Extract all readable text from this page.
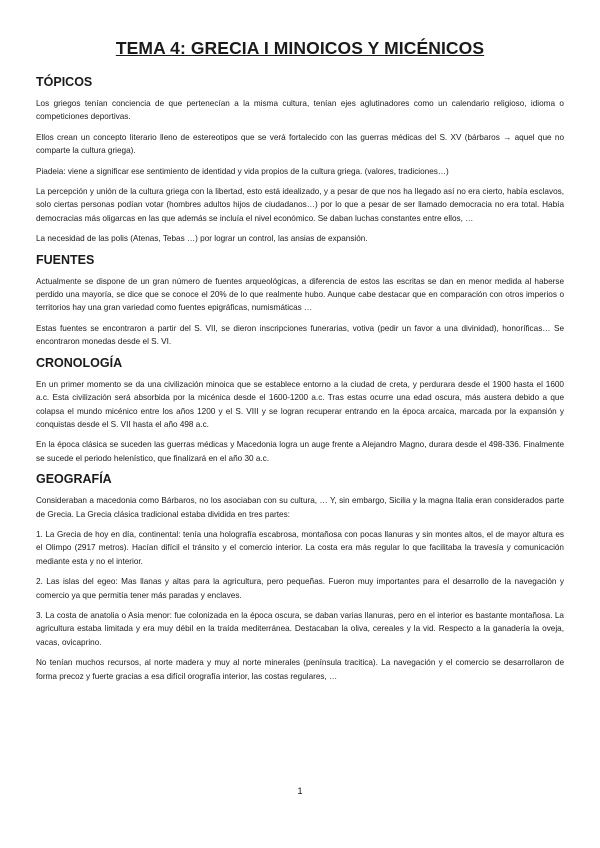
TEMA 4: GRECIA I MINOICOS Y MICÉNICOS
TÓPICOS

Los griegos tenían conciencia de que pertenecían a la misma cultura, tenían ejes aglutinadores como un calendario religioso, idioma o competiciones deportivas.

Ellos crean un concepto literario lleno de estereotipos que se verá fortalecido con las guerras médicas del S. XV (bárbaros → aquel que no comparte la cultura griega).

Piadeia: viene a significar ese sentimiento de identidad y vida propios de la cultura griega. (valores, tradiciones…)

La percepción y unión de la cultura griega con la libertad, esto está idealizado, y a pesar de que nos ha llegado así no era cierto, había esclavos, solo ciertas personas podían votar (hombres adultos hijos de ciudadanos…) por lo que a pesar de ser llamado democracia no era total. Había democracias más oligarcas en las que además se incluía el nivel económico. Se daban luchas constantes entre ellos, …

La necesidad de las polis (Atenas, Tebas …) por lograr un control, las ansias de expansión.

FUENTES

Actualmente se dispone de un gran número de fuentes arqueológicas, a diferencia de estos las escritas se dan en menor medida al haberse perdido una mayoría, se dice que se conoce el 20% de lo que realmente hubo. Aunque cabe destacar que en comparación con otros imperios o territorios hay una gran variedad como fuentes epigráficas, numismáticas …

Estas fuentes se encontraron a partir del S. VII, se dieron inscripciones funerarias, votiva (pedir un favor a una divinidad), honoríficas… Se encontraron monedas desde el S. VI.

CRONOLOGÍA

En un primer momento se da una civilización minoica que se establece entorno a la ciudad de creta, y perdurara desde el 1900 hasta el 1600 a.c. Esta civilización será absorbida por la micénica desde el 1600-1200 a.c. Tras estas ocurre una edad oscura, más austera debido a que colapsa el mundo micénico entre los años 1200 y el S. VIII y se logran recuperar entrando en la época arcaica, marcada por la expansión y conquistas desde el S. VII hasta el año 498 a.c.

En la época clásica se suceden las guerras médicas y Macedonia logra un auge frente a Alejandro Magno, durara desde el 498-336. Finalmente se sucede el periodo helenístico, que finalizará en el año 30 a.c.

GEOGRAFÍA

Consideraban a macedonia como Bárbaros, no los asociaban con su cultura, … Y, sin embargo, Sicilia y la magna Italia eran considerados parte de Grecia. La Grecia clásica tradicional estaba dividida en tres partes:

1. La Grecia de hoy en día, continental: tenía una holografía escabrosa, montañosa con pocas llanuras y sin montes altos, el de mayor altura es el Olimpo (2917 metros). Hacían difícil el tránsito y el comercio interior. La costa era más regular lo que facilitaba la travesía y comunicación mediante esta y no el interior.

2. Las islas del egeo: Mas llanas y altas para la agricultura, pero pequeñas. Fueron muy importantes para el desarrollo de la navegación y comercio ya que permitía tener más paradas y enclaves.

3. La costa de anatolia o Asia menor: fue colonizada en la época oscura, se daban varias llanuras, pero en el interior es bastante montañosa. La agricultura estaba limitada y era muy débil en la traída mediterránea. Destacaban la oliva, cereales y la vid. Respecto a la ganadería la oveja, vacas, ovicaprino.

No tenían muchos recursos, al norte madera y muy al norte minerales (península tracitica). La navegación y el comercio se desarrollaron de forma precoz y fuerte gracias a esa difícil orografía interior, las costas regulares, …

1
